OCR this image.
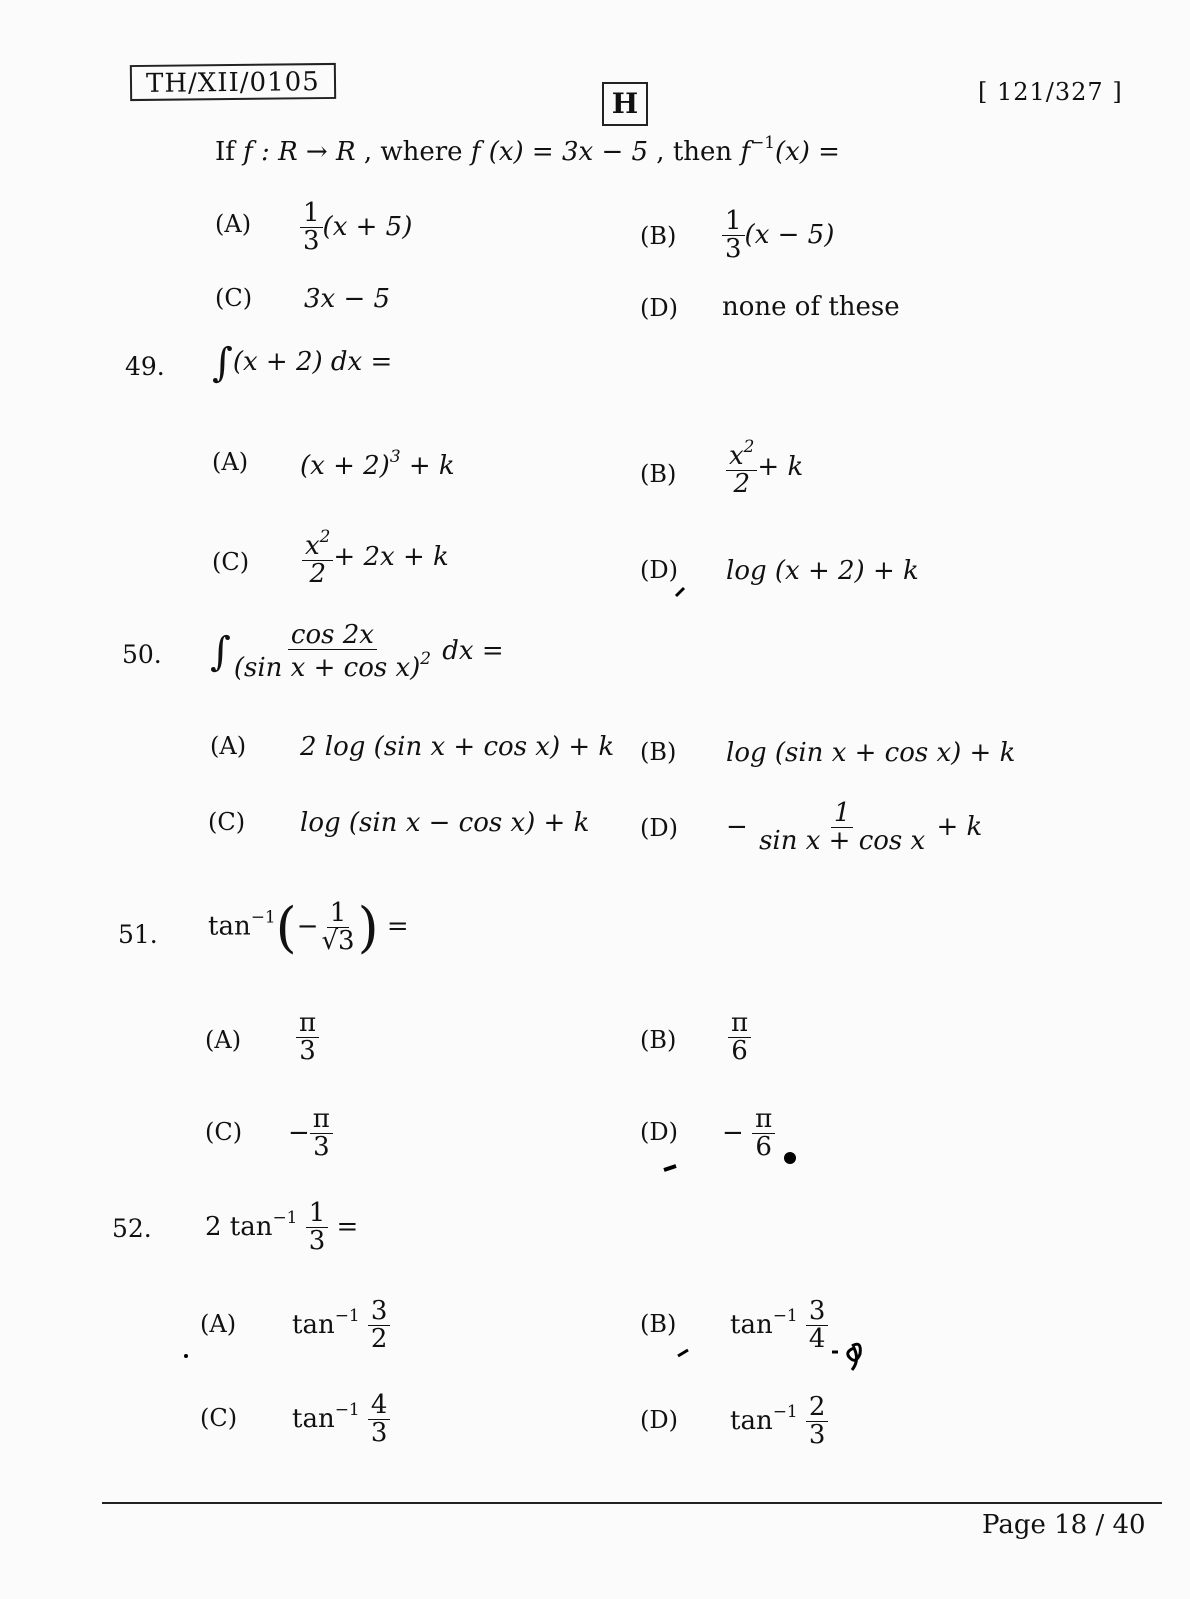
TH/XII/0105
H	[ 121/327 ]
If f : R → R , where f (x) = 3x − 5 , then $f^{-1}(x)$ =
$(A) \frac{1}{3} (x + 5)$	$(B) \frac{1}{3} (x - 5)$
(C) 3x − 5	(D) none of these
49. ∫(x + 2) dx =
(A) $(x + 2)^3 + k$	$(B) \frac{x^2}{2} + k$
$(C) \frac{x^2}{2} + 2x + k$	(D) log (x + 2) + k
50. ∫ $\frac{\cos 2x}{(\sin x + \cos x)^2}$ dx =
(A) 2 log (sin x + cos x) + k (B) log (sin x + cos x) + k
(C) log (sin x − cos x) + k $(D) - \frac{1}{\text{sin x + cos x}} + k$
51. $\tan^{-1}(- \frac{1}{√3}$ ) =
$(A) \frac{\pi}{3}$	$(B) \frac{\pi}{6}$
$(C) - \frac{\pi}{3}$	$(D) - \frac{\pi}{6}$
52. 2 $\tan^{-1} \frac{1}{3}$ =
(A) $\tan^{-1} \frac{3}{2}$	(B) $\tan^{-1} \frac{3}{4}$
(C) $\tan^{-1} \frac{4}{3}$	(D) $\tan^{-1} \frac{2}{3}$
Page 18 / 40
